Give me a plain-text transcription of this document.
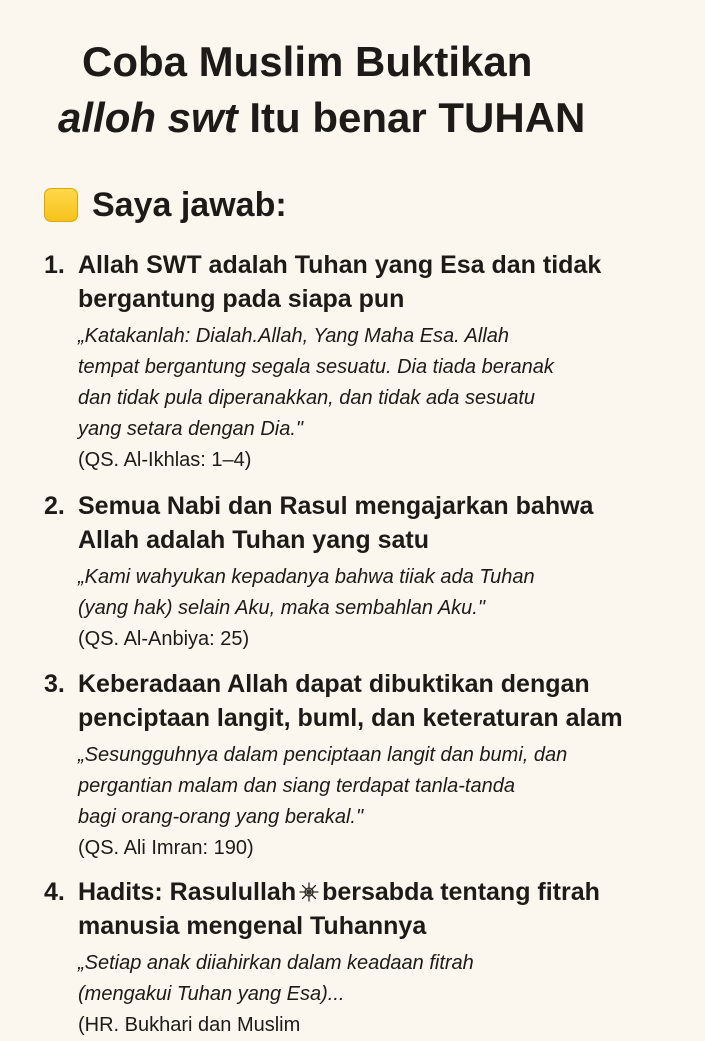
Coba Muslim Buktikan
alloh swt Itu benar TUHAN
Saya jawab:
1. Allah SWT adalah Tuhan yang Esa dan tidak
bergantung pada siapa pun
„Katakanlah: Dialah.Allah, Yang Maha Esa. Allah
tempat bergantung segala sesuatu. Dia tiada beranak
dan tidak pula diperanakkan, dan tidak ada sesuatu
yang setara dengan Dia."
(QS. Al-Ikhlas: 1–4)
2. Semua Nabi dan Rasul mengajarkan bahwa
Allah adalah Tuhan yang satu
„Kami wahyukan kepadanya bahwa tiiak ada Tuhan
(yang hak) selain Aku, maka sembahlan Aku."
(QS. Al-Anbiya: 25)
3. Keberadaan Allah dapat dibuktikan dengan
penciptaan langit, buml, dan keteraturan alam
„Sesungguhnya dalam penciptaan langit dan bumi, dan
pergantian malam dan siang terdapat tanla-tanda
bagi orang-orang yang berakal."
(QS. Ali Imran: 190)
4. Hadits: Rasulullah bersabda tentang fitrah
manusia mengenal Tuhannya
„Setiap anak diiahirkan dalam keadaan fitrah
(mengakui Tuhan yang Esa)...
(HR. Bukhari dan Muslim
